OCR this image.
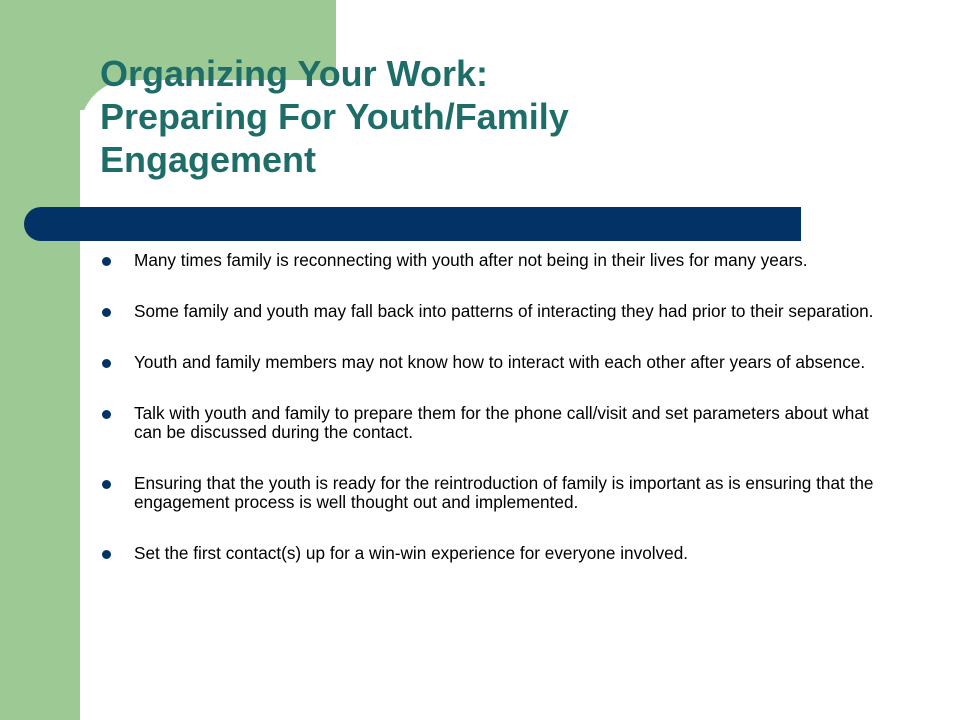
Organizing Your Work:
Preparing For Youth/Family
Engagement
Many times family is reconnecting with youth after not being in their lives for many years.
Some family and youth may fall back into patterns of interacting they had prior to their separation.
Youth and family members may not know how to interact with each other after years of absence.
Talk with youth and family to prepare them for the phone call/visit and set parameters about what can be discussed during the contact.
Ensuring that the youth is ready for the reintroduction of family is important as is ensuring that the engagement process is well thought out and implemented.
Set the first contact(s) up for a win-win experience for everyone involved.
